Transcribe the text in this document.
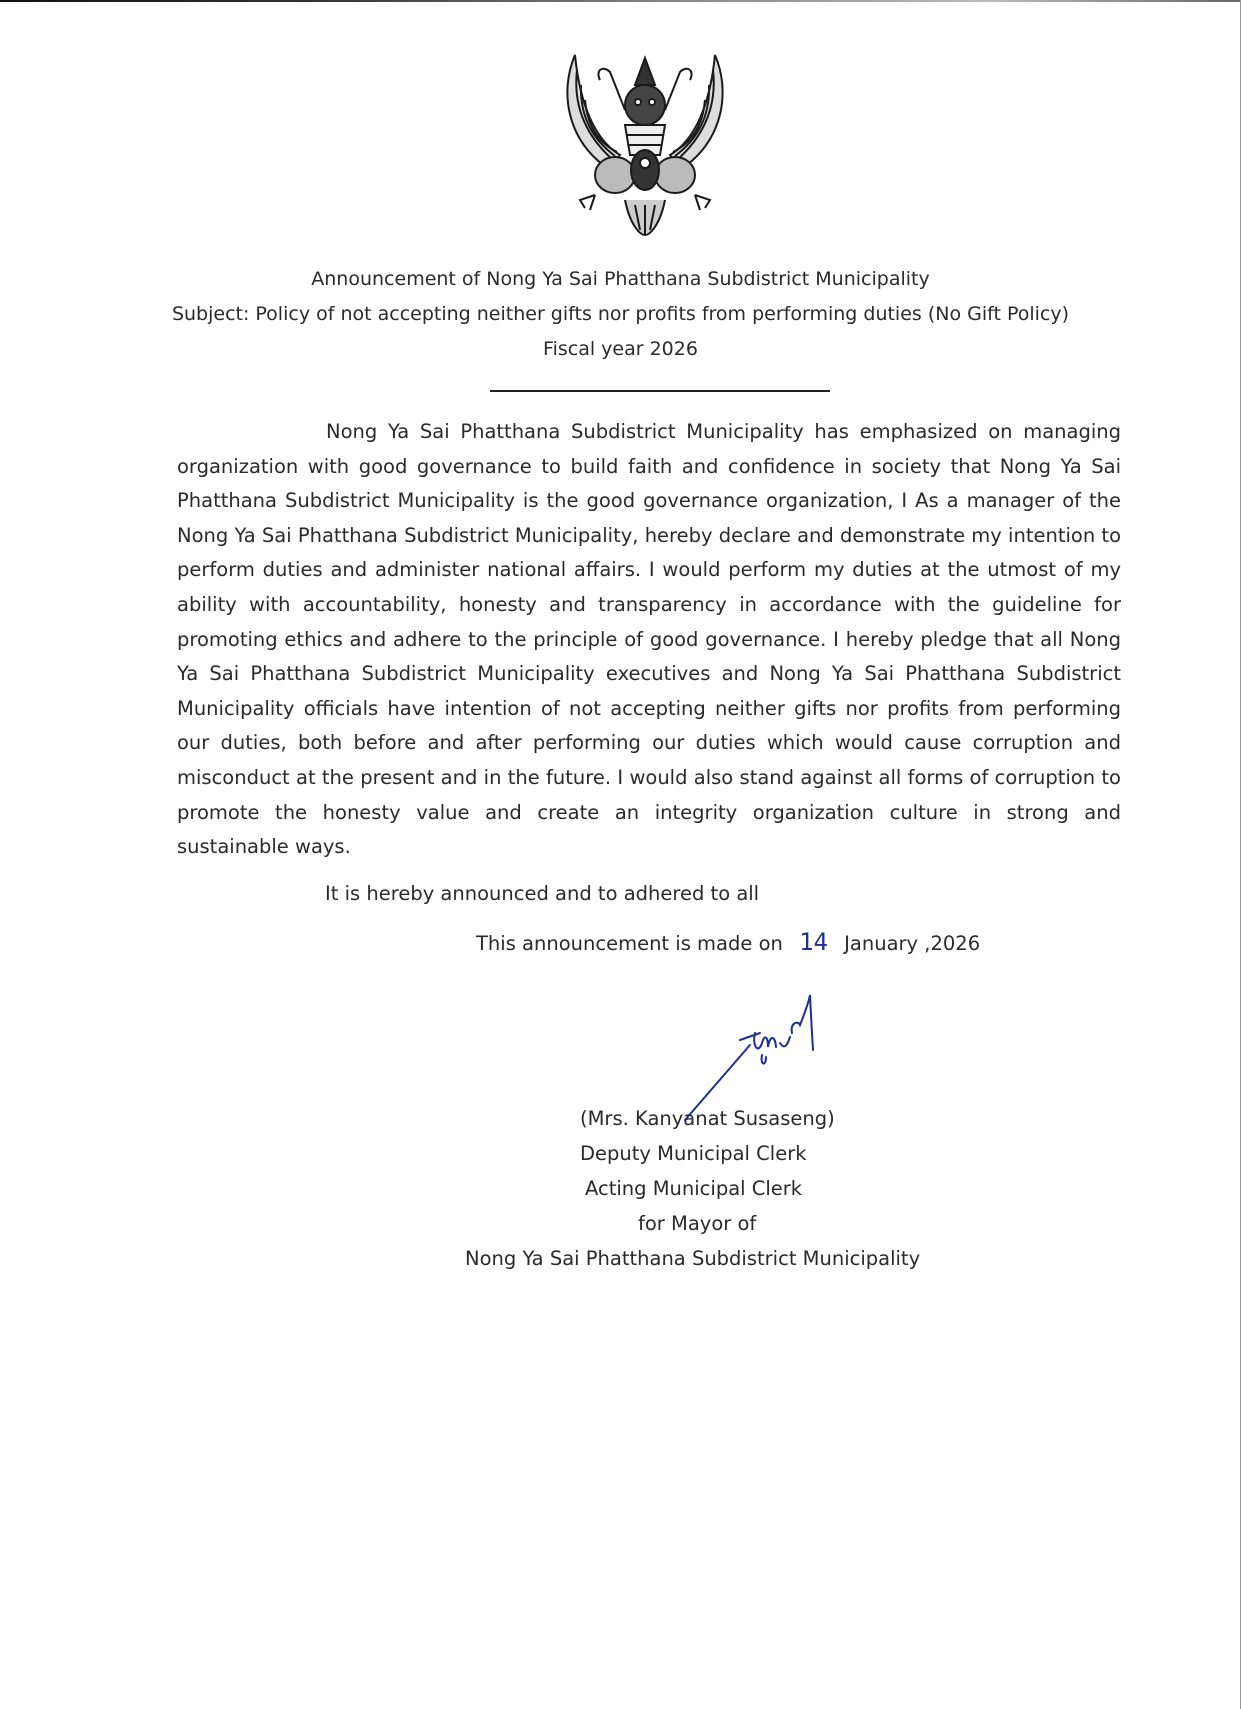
Announcement of Nong Ya Sai Phatthana Subdistrict Municipality
Subject: Policy of not accepting neither gifts nor profits from performing duties (No Gift Policy)
Fiscal year 2026

Nong Ya Sai Phatthana Subdistrict Municipality has emphasized on managing organization with good governance to build faith and confidence in society that Nong Ya Sai Phatthana Subdistrict Municipality is the good governance organization, I As a manager of the Nong Ya Sai Phatthana Subdistrict Municipality, hereby declare and demonstrate my intention to perform duties and administer national affairs. I would perform my duties at the utmost of my ability with accountability, honesty and transparency in accordance with the guideline for promoting ethics and adhere to the principle of good governance. I hereby pledge that all Nong Ya Sai Phatthana Subdistrict Municipality executives and Nong Ya Sai Phatthana Subdistrict Municipality officials have intention of not accepting neither gifts nor profits from performing our duties, both before and after performing our duties which would cause corruption and misconduct at the present and in the future. I would also stand against all forms of corruption to promote the honesty value and create an integrity organization culture in strong and sustainable ways.

It is hereby announced and to adhered to all
This announcement is made on 14 January ,2026
(Mrs. Kanyanat Susaseng)
Deputy Municipal Clerk
Acting Municipal Clerk
for Mayor of
Nong Ya Sai Phatthana Subdistrict Municipality
